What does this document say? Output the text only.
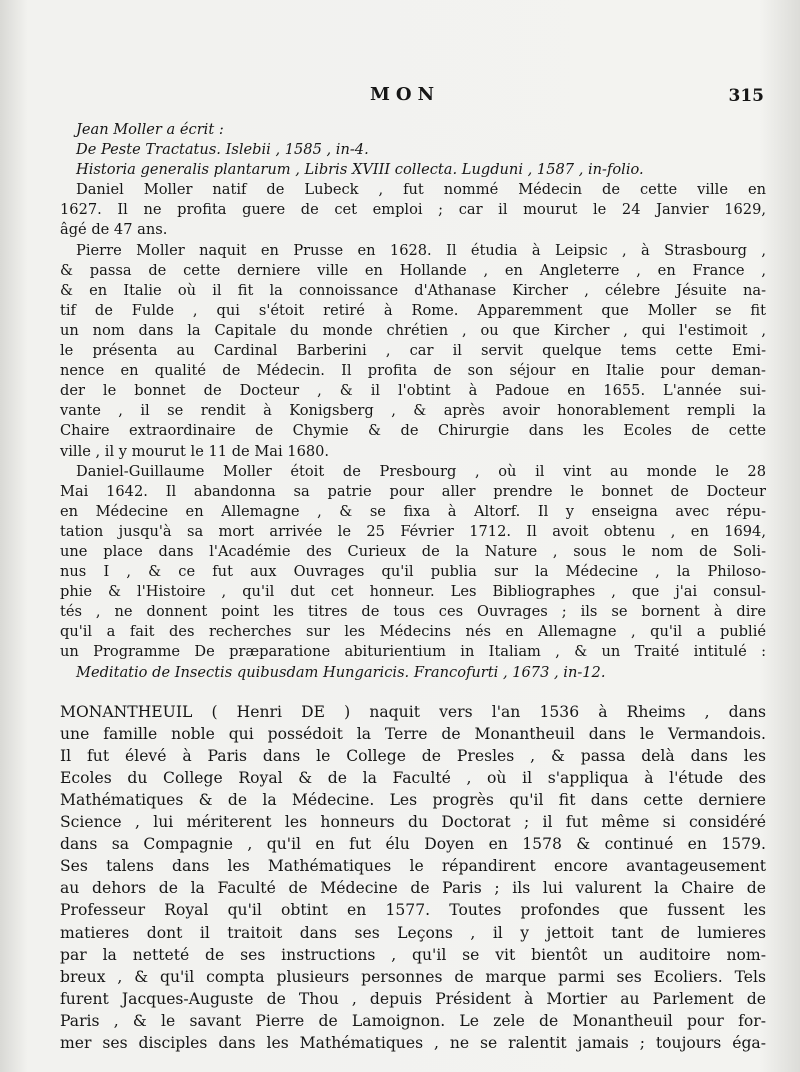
MON	315
Jean Moller a écrit :
De Peste Tractatus. Islebii , 1585 , in-4.
Historia generalis plantarum , Libris XVIII collecta. Lugduni , 1587 , in-folio.
Daniel Moller natif de Lubeck , fut nommé Médecin de cette ville en
1627. Il ne profita guere de cet emploi ; car il mourut le 24 Janvier 1629,
âgé de 47 ans.
Pierre Moller naquit en Prusse en 1628. Il étudia à Leipsic , à Strasbourg ,
& passa de cette derniere ville en Hollande , en Angleterre , en France ,
& en Italie où il fit la connoissance d'Athanase Kircher , célebre Jésuite na-
tif de Fulde , qui s'étoit retiré à Rome. Apparemment que Moller se fit
un nom dans la Capitale du monde chrétien , ou que Kircher , qui l'estimoit ,
le présenta au Cardinal Barberini , car il servit quelque tems cette Emi-
nence en qualité de Médecin. Il profita de son séjour en Italie pour deman-
der le bonnet de Docteur , & il l'obtint à Padoue en 1655. L'année sui-
vante , il se rendit à Konigsberg , & après avoir honorablement rempli la
Chaire extraordinaire de Chymie & de Chirurgie dans les Ecoles de cette
ville , il y mourut le 11 de Mai 1680.
Daniel-Guillaume Moller étoit de Presbourg , où il vint au monde le 28
Mai 1642. Il abandonna sa patrie pour aller prendre le bonnet de Docteur
en Médecine en Allemagne , & se fixa à Altorf. Il y enseigna avec répu-
tation jusqu'à sa mort arrivée le 25 Février 1712. Il avoit obtenu , en 1694,
une place dans l'Académie des Curieux de la Nature , sous le nom de Soli-
nus I , & ce fut aux Ouvrages qu'il publia sur la Médecine , la Philoso-
phie & l'Histoire , qu'il dut cet honneur. Les Bibliographes , que j'ai consul-
tés , ne donnent point les titres de tous ces Ouvrages ; ils se bornent à dire
qu'il a fait des recherches sur les Médecins nés en Allemagne , qu'il a publié
un Programme De præparatione abiturientium in Italiam , & un Traité intitulé :
Meditatio de Insectis quibusdam Hungaricis. Francofurti , 1673 , in-12.
MONANTHEUIL ( Henri DE ) naquit vers l'an 1536 à Rheims , dans
une famille noble qui possédoit la Terre de Monantheuil dans le Vermandois.
Il fut élevé à Paris dans le College de Presles , & passa delà dans les
Ecoles du College Royal & de la Faculté , où il s'appliqua à l'étude des
Mathématiques & de la Médecine. Les progrès qu'il fit dans cette derniere
Science , lui mériterent les honneurs du Doctorat ; il fut même si considéré
dans sa Compagnie , qu'il en fut élu Doyen en 1578 & continué en 1579.
Ses talens dans les Mathématiques le répandirent encore avantageusement
au dehors de la Faculté de Médecine de Paris ; ils lui valurent la Chaire de
Professeur Royal qu'il obtint en 1577. Toutes profondes que fussent les
matieres dont il traitoit dans ses Leçons , il y jettoit tant de lumieres
par la netteté de ses instructions , qu'il se vit bientôt un auditoire nom-
breux , & qu'il compta plusieurs personnes de marque parmi ses Ecoliers. Tels
furent Jacques-Auguste de Thou , depuis Président à Mortier au Parlement de
Paris , & le savant Pierre de Lamoignon. Le zele de Monantheuil pour for-
mer ses disciples dans les Mathématiques , ne se ralentit jamais ; toujours éga-
